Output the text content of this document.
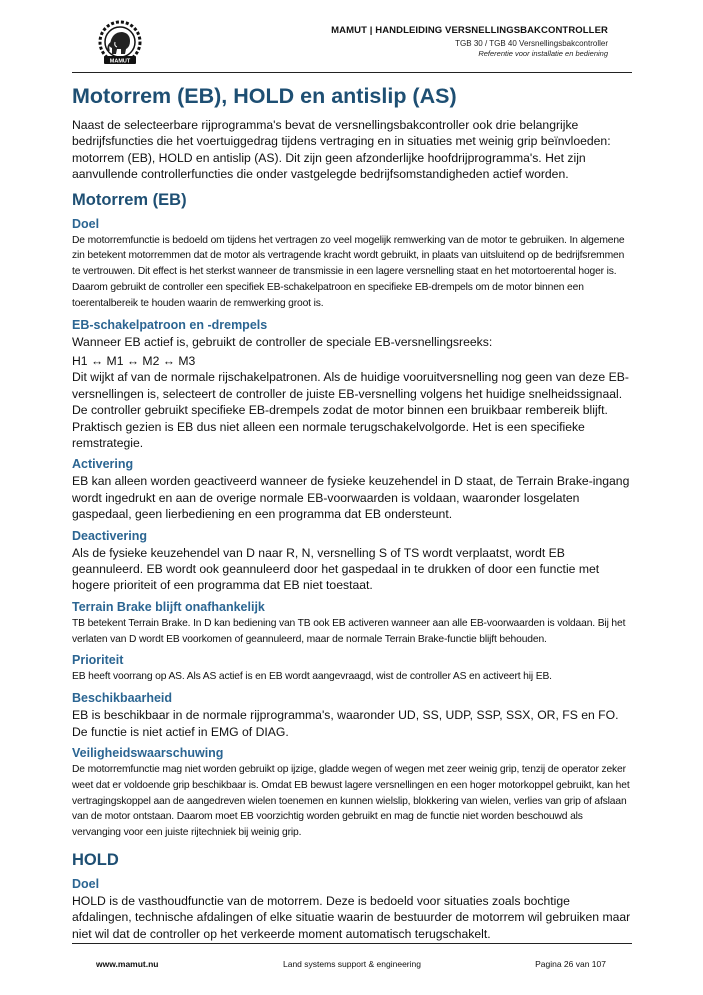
MAMUT
MAMUT | HANDLEIDING VERSNELLINGSBAKCONTROLLER
TGB 30 / TGB 40 Versnellingsbakcontroller
Referentie voor installatie en bediening
Motorrem (EB), HOLD en antislip (AS)

Naast de selecteerbare rijprogramma's bevat de versnellingsbakcontroller ook drie belangrijke bedrijfsfuncties die het voertuiggedrag tijdens vertraging en in situaties met weinig grip beïnvloeden: motorrem (EB), HOLD en antislip (AS). Dit zijn geen afzonderlijke hoofdrijprogramma's. Het zijn aanvullende controllerfuncties die onder vastgelegde bedrijfsomstandigheden actief worden.

Motorrem (EB)
Doel

De motorremfunctie is bedoeld om tijdens het vertragen zo veel mogelijk remwerking van de motor te gebruiken. In algemene zin betekent motorremmen dat de motor als vertragende kracht wordt gebruikt, in plaats van uitsluitend op de bedrijfsremmen te vertrouwen. Dit effect is het sterkst wanneer de transmissie in een lagere versnelling staat en het motortoerental hoger is. Daarom gebruikt de controller een specifiek EB-schakelpatroon en specifieke EB-drempels om de motor binnen een toerentalbereik te houden waarin de remwerking groot is.

EB-schakelpatroon en -drempels

Wanneer EB actief is, gebruikt de controller de speciale EB-versnellingsreeks:

H1 ↔ M1 ↔ M2 ↔ M3

Dit wijkt af van de normale rijschakelpatronen. Als de huidige vooruitversnelling nog geen van deze EB-versnellingen is, selecteert de controller de juiste EB-versnelling volgens het huidige snelheidssignaal. De controller gebruikt specifieke EB-drempels zodat de motor binnen een bruikbaar rembereik blijft. Praktisch gezien is EB dus niet alleen een normale terugschakelvolgorde. Het is een specifieke remstrategie.

Activering

EB kan alleen worden geactiveerd wanneer de fysieke keuzehendel in D staat, de Terrain Brake-ingang wordt ingedrukt en aan de overige normale EB-voorwaarden is voldaan, waaronder losgelaten gaspedaal, geen lierbediening en een programma dat EB ondersteunt.

Deactivering

Als de fysieke keuzehendel van D naar R, N, versnelling S of TS wordt verplaatst, wordt EB geannuleerd. EB wordt ook geannuleerd door het gaspedaal in te drukken of door een functie met hogere prioriteit of een programma dat EB niet toestaat.

Terrain Brake blijft onafhankelijk

TB betekent Terrain Brake. In D kan bediening van TB ook EB activeren wanneer aan alle EB-voorwaarden is voldaan. Bij het verlaten van D wordt EB voorkomen of geannuleerd, maar de normale Terrain Brake-functie blijft behouden.

Prioriteit

EB heeft voorrang op AS. Als AS actief is en EB wordt aangevraagd, wist de controller AS en activeert hij EB.

Beschikbaarheid

EB is beschikbaar in de normale rijprogramma's, waaronder UD, SS, UDP, SSP, SSX, OR, FS en FO. De functie is niet actief in EMG of DIAG.

Veiligheidswaarschuwing

De motorremfunctie mag niet worden gebruikt op ijzige, gladde wegen of wegen met zeer weinig grip, tenzij de operator zeker weet dat er voldoende grip beschikbaar is. Omdat EB bewust lagere versnellingen en een hoger motorkoppel gebruikt, kan het vertragingskoppel aan de aangedreven wielen toenemen en kunnen wielslip, blokkering van wielen, verlies van grip of afslaan van de motor ontstaan. Daarom moet EB voorzichtig worden gebruikt en mag de functie niet worden beschouwd als vervanging voor een juiste rijtechniek bij weinig grip.

HOLD
Doel

HOLD is de vasthoudfunctie van de motorrem. Deze is bedoeld voor situaties zoals bochtige afdalingen, technische afdalingen of elke situatie waarin de bestuurder de motorrem wil gebruiken maar niet wil dat de controller op het verkeerde moment automatisch terugschakelt.

www.mamut.nu	Land systems support & engineering	Pagina 26 van 107
